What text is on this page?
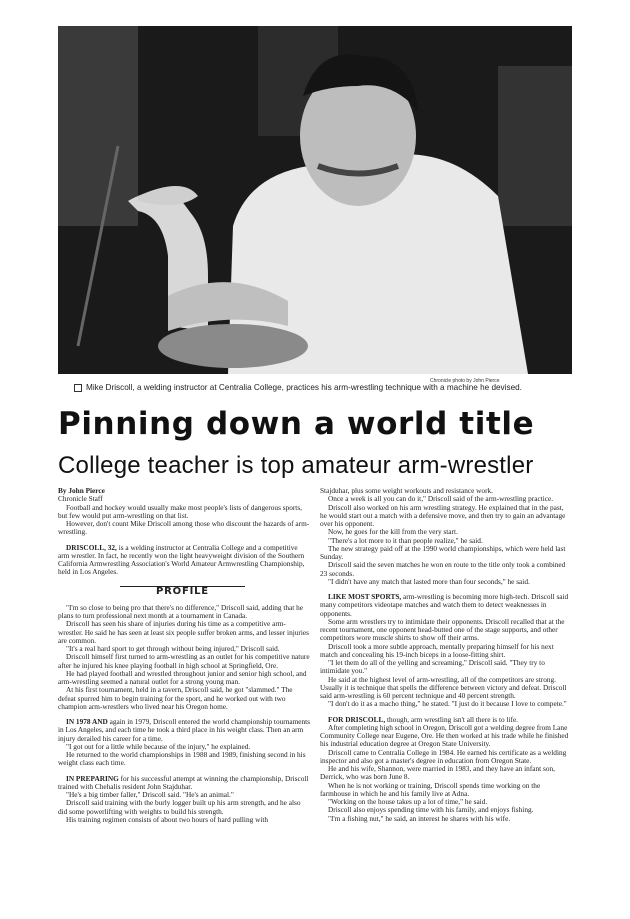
Chronicle photo by John Pierce
Mike Driscoll, a welding instructor at Centralia College, practices his arm-wrestling technique with a machine he devised.
Pinning down a world title
College teacher is top amateur arm-wrestler

By John Pierce

Chronicle Staff

Football and hockey would usually make most people's lists of dangerous sports, but few would put arm-wrestling on that list.

However, don't count Mike Driscoll among those who discount the hazards of arm-wrestling.

DRISCOLL, 32, is a welding instructor at Centralia College and a competitive arm wrestler. In fact, he recently won the light heavyweight division of the Southern California Armwrestling Association's World Amateur Armwrestling Championship, held in Los Angeles.

PROFILE

"I'm so close to being pro that there's no difference," Driscoll said, adding that he plans to turn professional next month at a tournament in Canada.

Driscoll has seen his share of injuries during his time as a competitive arm-wrestler. He said he has seen at least six people suffer broken arms, and lesser injuries are common.

"It's a real hard sport to get through without being injured," Driscoll said.

Driscoll himself first turned to arm-wrestling as an outlet for his competitive nature after he injured his knee playing football in high school at Springfield, Ore.

He had played football and wrestled throughout junior and senior high school, and arm-wrestling seemed a natural outlet for a strong young man.

At his first tournament, held in a tavern, Driscoll said, he got "slammed." The defeat spurred him to begin training for the sport, and he worked out with two champion arm-wrestlers who lived near his Oregon home.

IN 1978 AND again in 1979, Driscoll entered the world championship tournaments in Los Angeles, and each time he took a third place in his weight class. Then an arm injury derailed his career for a time.

"I got out for a little while because of the injury," he explained.

He returned to the world championships in 1988 and 1989, finishing second in his weight class each time.

IN PREPARING for his successful attempt at winning the championship, Driscoll trained with Chehalis resident John Stajduhar.

"He's a big timber faller," Driscoll said. "He's an animal."

Driscoll said training with the burly logger built up his arm strength, and he also did some powerlifting with weights to build his strength.

His training regimen consists of about two hours of hard pulling with

Stajduhar, plus some weight workouts and resistance work.

Once a week is all you can do it," Driscoll said of the arm-wrestling practice.

Driscoll also worked on his arm wrestling strategy. He explained that in the past, he would start out a match with a defensive move, and then try to gain an advantage over his opponent.

Now, he goes for the kill from the very start.

"There's a lot more to it than people realize," he said.

The new strategy paid off at the 1990 world championships, which were held last Sunday.

Driscoll said the seven matches he won en route to the title only took a combined 23 seconds.

"I didn't have any match that lasted more than four seconds," he said.

LIKE MOST SPORTS, arm-wrestling is becoming more high-tech. Driscoll said many competitors videotape matches and watch them to detect weaknesses in opponents.

Some arm wrestlers try to intimidate their opponents. Driscoll recalled that at the recent tournament, one opponent head-butted one of the stage supports, and other competitors wore muscle shirts to show off their arms.

Driscoll took a more subtle approach, mentally preparing himself for his next match and concealing his 19-inch biceps in a loose-fitting shirt.

"I let them do all of the yelling and screaming," Driscoll said. "They try to intimidate you."

He said at the highest level of arm-wrestling, all of the competitors are strong. Usually it is technique that spells the difference between victory and defeat. Driscoll said arm-wrestling is 60 percent technique and 40 percent strength.

"I don't do it as a macho thing," he stated. "I just do it because I love to compete."

FOR DRISCOLL, though, arm wrestling isn't all there is to life.

After completing high school in Oregon, Driscoll got a welding degree from Lane Community College near Eugene, Ore. He then worked at his trade while he finished his industrial education degree at Oregon State University.

Driscoll came to Centralia College in 1984. He earned his certificate as a welding inspector and also got a master's degree in education from Oregon State.

He and his wife, Shannon, were married in 1983, and they have an infant son, Derrick, who was born June 8.

When he is not working or training, Driscoll spends time working on the farmhouse in which he and his family live at Adna.

"Working on the house takes up a lot of time," he said.

Driscoll also enjoys spending time with his family, and enjoys fishing.

"I'm a fishing nut," he said, an interest he shares with his wife.
